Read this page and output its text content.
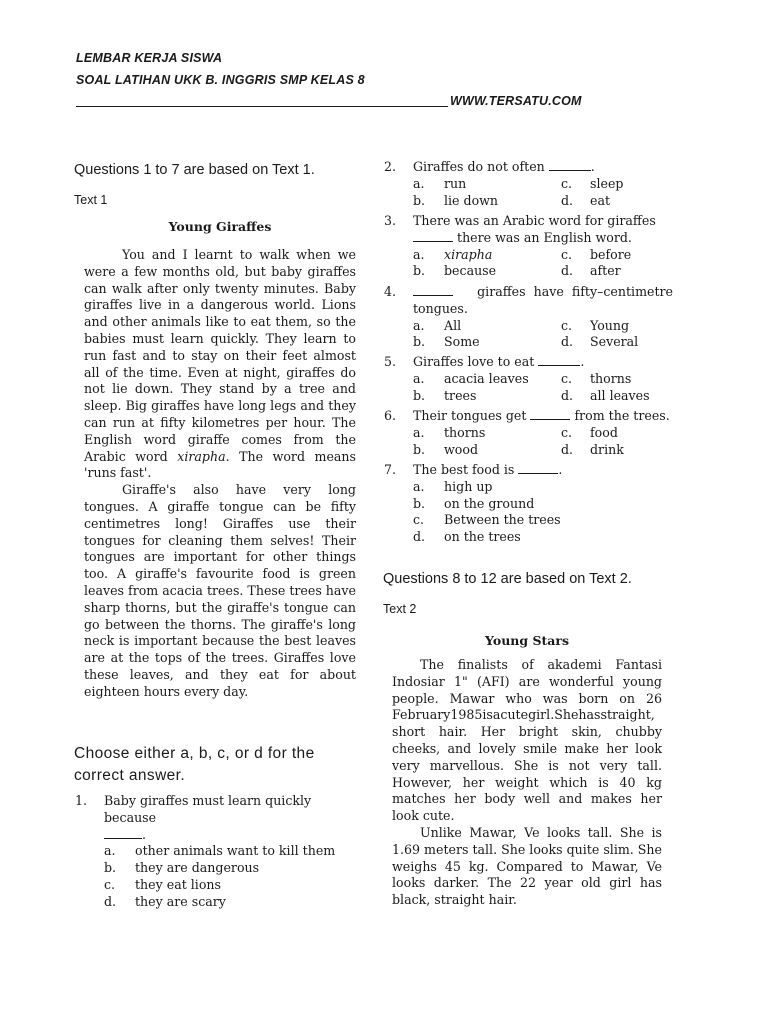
LEMBAR KERJA SISWA
SOAL LATIHAN UKK B. INGGRIS SMP KELAS 8
WWW.TERSATU.COM
Questions 1 to 7 are based on Text 1.
Text 1
Young Giraffes

You and I learnt to walk when we were a few months old, but baby giraffes can walk after only twenty minutes. Baby giraffes live in a dangerous world. Lions and other animals like to eat them, so the babies must learn quickly. They learn to run fast and to stay on their feet almost all of the time. Even at night, giraffes do not lie down. They stand by a tree and sleep. Big giraffes have long legs and they can run at fifty kilometres per hour. The English word giraffe comes from the Arabic word xirapha. The word means 'runs fast'.

Giraffe's also have very long tongues. A giraffe tongue can be fifty centimetres long! Giraffes use their tongues for cleaning them selves! Their tongues are important for other things too. A giraffe's favourite food is green leaves from acacia trees. These trees have sharp thorns, but the giraffe's tongue can go between the thorns. The giraffe's long neck is important because the best leaves are at the tops of the trees. Giraffes love these leaves, and they eat for about eighteen hours every day.

Choose either a, b, c, or d for the correct answer.
1. Baby giraffes must learn quickly because
.
a. other animals want to kill them
b. they are dangerous
c. they eat lions
d. they are scary
2. Giraffes do not often	.
a. run	c. sleep
b. lie down	d. eat
3. There was an Arabic word for giraffes
there was an English word.
a. xirapha	c. before
b. because	d. after
4.	giraffes have fifty–centimetre tongues.
a. All	c. Young
b. Some	d. Several
5. Giraffes love to eat	.
a. acacia leaves	c. thorns
b. trees	d. all leaves
6. Their tongues get	from the trees.
a. thorns	c. food
b. wood	d. drink
7. The best food is	.
a. high up
b. on the ground
c. Between the trees
d. on the trees
Questions 8 to 12 are based on Text 2.
Text 2
Young Stars

The finalists of akademi Fantasi Indosiar 1" (AFI) are wonderful young people. Mawar who was born on 26 February1985isacutegirl.Shehasstraight, short hair. Her bright skin, chubby cheeks, and lovely smile make her look very marvellous. She is not very tall. However, her weight which is 40 kg matches her body well and makes her look cute.

Unlike Mawar, Ve looks tall. She is 1.69 meters tall. She looks quite slim. She weighs 45 kg. Compared to Mawar, Ve looks darker. The 22 year old girl has black, straight hair.
